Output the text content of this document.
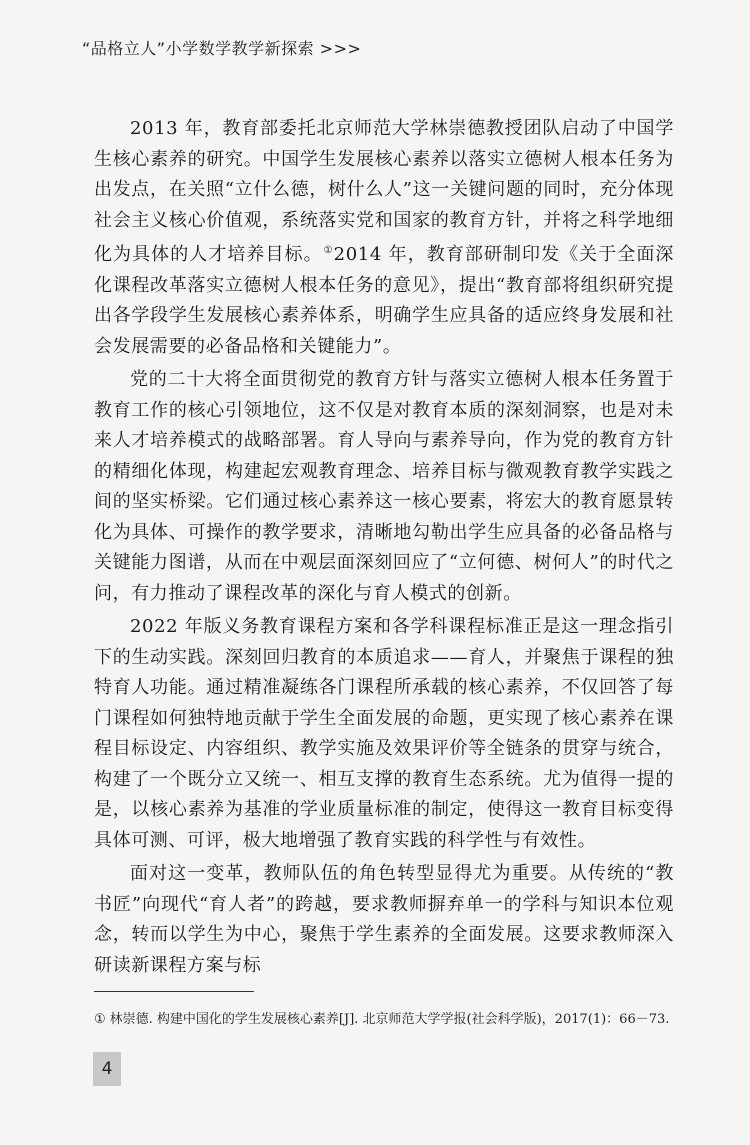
“品格立人”小学数学教学新探索 >>>

2013 年，教育部委托北京师范大学林崇德教授团队启动了中国学生核心素养的研究。中国学生发展核心素养以落实立德树人根本任务为出发点，在关照“立什么德，树什么人”这一关键问题的同时，充分体现社会主义核心价值观，系统落实党和国家的教育方针，并将之科学地细化为具体的人才培养目标。①2014 年，教育部研制印发《关于全面深化课程改革落实立德树人根本任务的意见》，提出“教育部将组织研究提出各学段学生发展核心素养体系，明确学生应具备的适应终身发展和社会发展需要的必备品格和关键能力”。

党的二十大将全面贯彻党的教育方针与落实立德树人根本任务置于教育工作的核心引领地位，这不仅是对教育本质的深刻洞察，也是对未来人才培养模式的战略部署。育人导向与素养导向，作为党的教育方针的精细化体现，构建起宏观教育理念、培养目标与微观教育教学实践之间的坚实桥梁。它们通过核心素养这一核心要素，将宏大的教育愿景转化为具体、可操作的教学要求，清晰地勾勒出学生应具备的必备品格与关键能力图谱，从而在中观层面深刻回应了“立何德、树何人”的时代之问，有力推动了课程改革的深化与育人模式的创新。

2022 年版义务教育课程方案和各学科课程标准正是这一理念指引下的生动实践。深刻回归教育的本质追求——育人，并聚焦于课程的独特育人功能。通过精准凝练各门课程所承载的核心素养，不仅回答了每门课程如何独特地贡献于学生全面发展的命题，更实现了核心素养在课程目标设定、内容组织、教学实施及效果评价等全链条的贯穿与统合，构建了一个既分立又统一、相互支撑的教育生态系统。尤为值得一提的是，以核心素养为基准的学业质量标准的制定，使得这一教育目标变得具体可测、可评，极大地增强了教育实践的科学性与有效性。

面对这一变革，教师队伍的角色转型显得尤为重要。从传统的“教书匠”向现代“育人者”的跨越，要求教师摒弃单一的学科与知识本位观念，转而以学生为中心，聚焦于学生素养的全面发展。这要求教师深入研读新课程方案与标

① 林崇德. 构建中国化的学生发展核心素养[J]. 北京师范大学学报(社会科学版)，2017(1)：66－73.
4
